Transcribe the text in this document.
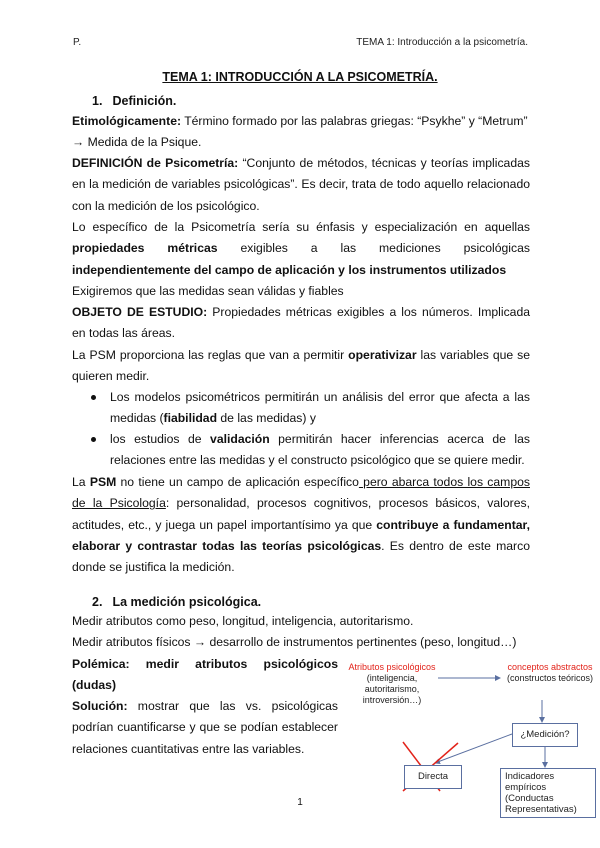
P.	TEMA 1: Introducción a la psicometría.
TEMA 1: INTRODUCCIÓN A LA PSICOMETRÍA.
1. Definición.
Etimológicamente: Término formado por las palabras griegas: “Psykhe” y “Metrum”
→ Medida de la Psique.
DEFINICIÓN de Psicometría: “Conjunto de métodos, técnicas y teorías implicadas en la medición de variables psicológicas”. Es decir, trata de todo aquello relacionado con la medición de los psicológico.
Lo específico de la Psicometría sería su énfasis y especialización en aquellas propiedades métricas exigibles a las mediciones psicológicas independientemente del campo de aplicación y los instrumentos utilizados
Exigiremos que las medidas sean válidas y fiables
OBJETO DE ESTUDIO: Propiedades métricas exigibles a los números. Implicada en todas las áreas.
La PSM proporciona las reglas que van a permitir operativizar las variables que se quieren medir.
Los modelos psicométricos permitirán un análisis del error que afecta a las medidas (fiabilidad de las medidas) y
los estudios de validación permitirán hacer inferencias acerca de las relaciones entre las medidas y el constructo psicológico que se quiere medir.
La PSM no tiene un campo de aplicación específico pero abarca todos los campos de la Psicología: personalidad, procesos cognitivos, procesos básicos, valores, actitudes, etc., y juega un papel importantísimo ya que contribuye a fundamentar, elaborar y contrastar todas las teorías psicológicas. Es dentro de este marco donde se justifica la medición.
2. La medición psicológica.
Medir atributos como peso, longitud, inteligencia, autoritarismo.
Medir atributos físicos → desarrollo de instrumentos pertinentes (peso, longitud…)
Polémica: medir atributos psicológicos (dudas)
Solución: mostrar que las vs. psicológicas podrían cuantificarse y que se podían establecer relaciones cuantitativas entre las variables.
Atributos psicológicos
(inteligencia, autoritarismo, introversión…)
conceptos abstractos
(constructos teóricos)
¿Medición?
Directa	Indicadores empíricos (Conductas Representativas)
1
